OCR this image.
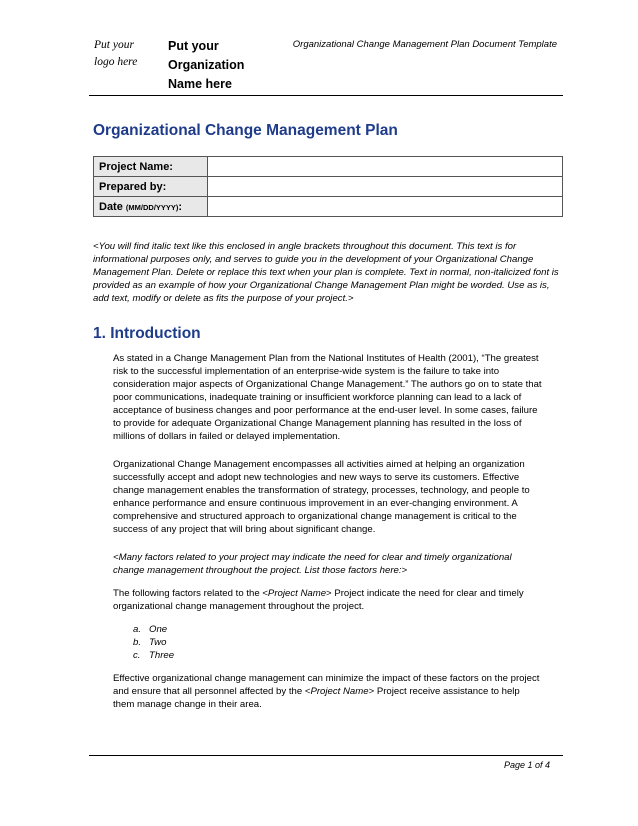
Put your logo here
Put your Organization Name here
Organizational Change Management Plan Document Template
Organizational Change Management Plan
Project Name:	
Prepared by:	
Date (MM/DD/YYYY):	
<You will find italic text like this enclosed in angle brackets throughout this document. This text is for informational purposes only, and serves to guide you in the development of your Organizational Change Management Plan. Delete or replace this text when your plan is complete. Text in normal, non-italicized font is provided as an example of how your Organizational Change Management Plan might be worded. Use as is, add text, modify or delete as fits the purpose of your project.>
1. Introduction
As stated in a Change Management Plan from the National Institutes of Health (2001), “The greatest risk to the successful implementation of an enterprise-wide system is the failure to take into consideration major aspects of Organizational Change Management.” The authors go on to state that poor communications, inadequate training or insufficient workforce planning can lead to a lack of acceptance of business changes and poor performance at the end-user level. In some cases, failure to provide for adequate Organizational Change Management planning has resulted in the loss of millions of dollars in failed or delayed implementation.
Organizational Change Management encompasses all activities aimed at helping an organization successfully accept and adopt new technologies and new ways to serve its customers. Effective change management enables the transformation of strategy, processes, technology, and people to enhance performance and ensure continuous improvement in an ever-changing environment. A comprehensive and structured approach to organizational change management is critical to the success of any project that will bring about significant change.
<Many factors related to your project may indicate the need for clear and timely organizational change management throughout the project. List those factors here:>
The following factors related to the <Project Name> Project indicate the need for clear and timely organizational change management throughout the project.
a. One
b. Two
c. Three
Effective organizational change management can minimize the impact of these factors on the project and ensure that all personnel affected by the <Project Name> Project receive assistance to help them manage change in their area.
Page 1 of 4
